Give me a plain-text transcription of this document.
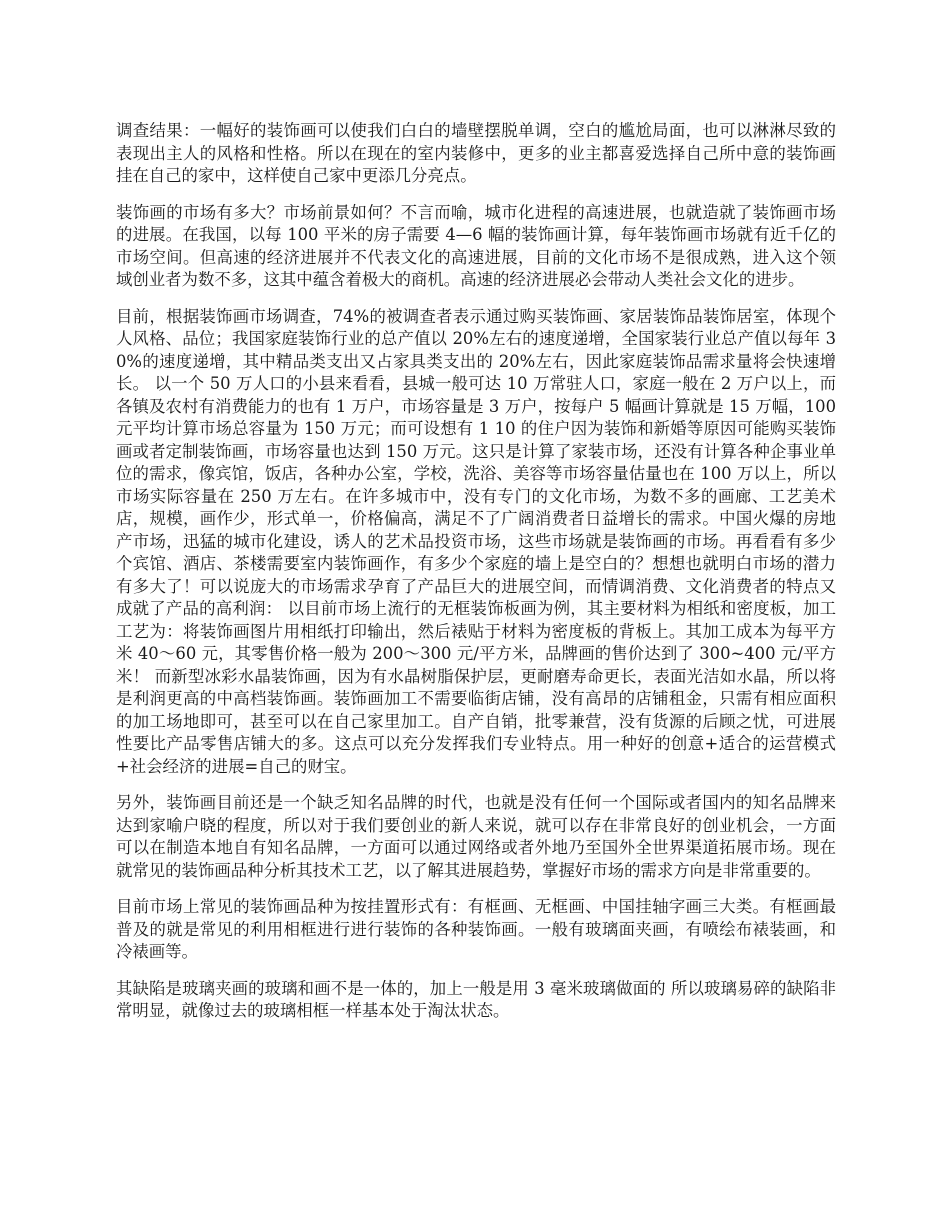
调查结果：一幅好的装饰画可以使我们白白的墙壁摆脱单调，空白的尴尬局面，也可以淋淋尽致的表现出主人的风格和性格。所以在现在的室内装修中，更多的业主都喜爱选择自己所中意的装饰画挂在自己的家中，这样使自己家中更添几分亮点。

装饰画的市场有多大？市场前景如何？不言而喻，城市化进程的高速进展，也就造就了装饰画市场的进展。在我国，以每 100 平米的房子需要 4—6 幅的装饰画计算，每年装饰画市场就有近千亿的市场空间。但高速的经济进展并不代表文化的高速进展，目前的文化市场不是很成熟，进入这个领域创业者为数不多，这其中蕴含着极大的商机。高速的经济进展必会带动人类社会文化的进步。

目前，根据装饰画市场调查，74%的被调查者表示通过购买装饰画、家居装饰品装饰居室，体现个人风格、品位；我国家庭装饰行业的总产值以 20%左右的速度递增，全国家装行业总产值以每年 30%的速度递增，其中精品类支出又占家具类支出的 20%左右，因此家庭装饰品需求量将会快速增长。 以一个 50 万人口的小县来看看，县城一般可达 10 万常驻人口，家庭一般在 2 万户以上，而各镇及农村有消费能力的也有 1 万户，市场容量是 3 万户，按每户 5 幅画计算就是 15 万幅，100 元平均计算市场总容量为 150 万元；而可设想有 1 10 的住户因为装饰和新婚等原因可能购买装饰画或者定制装饰画，市场容量也达到 150 万元。这只是计算了家装市场，还没有计算各种企事业单位的需求，像宾馆，饭店，各种办公室，学校，洗浴、美容等市场容量估量也在 100 万以上，所以市场实际容量在 250 万左右。在许多城市中，没有专门的文化市场，为数不多的画廊、工艺美术店，规模，画作少，形式单一，价格偏高，满足不了广阔消费者日益增长的需求。中国火爆的房地产市场，迅猛的城市化建设，诱人的艺术品投资市场，这些市场就是装饰画的市场。再看看有多少个宾馆、酒店、茶楼需要室内装饰画作，有多少个家庭的墙上是空白的？想想也就明白市场的潜力有多大了！可以说庞大的市场需求孕育了产品巨大的进展空间，而情调消费、文化消费者的特点又成就了产品的高利润： 以目前市场上流行的无框装饰板画为例，其主要材料为相纸和密度板，加工工艺为：将装饰画图片用相纸打印输出，然后裱贴于材料为密度板的背板上。其加工成本为每平方米 40～60 元，其零售价格一般为 200～300 元/平方米，品牌画的售价达到了 300~400 元/平方米！ 而新型冰彩水晶装饰画，因为有水晶树脂保护层，更耐磨寿命更长，表面光洁如水晶，所以将是利润更高的中高档装饰画。装饰画加工不需要临街店铺，没有高昂的店铺租金，只需有相应面积的加工场地即可，甚至可以在自己家里加工。自产自销，批零兼营，没有货源的后顾之忧，可进展性要比产品零售店铺大的多。这点可以充分发挥我们专业特点。用一种好的创意+适合的运营模式+社会经济的进展=自己的财宝。

另外，装饰画目前还是一个缺乏知名品牌的时代，也就是没有任何一个国际或者国内的知名品牌来达到家喻户晓的程度，所以对于我们要创业的新人来说，就可以存在非常良好的创业机会，一方面可以在制造本地自有知名品牌，一方面可以通过网络或者外地乃至国外全世界渠道拓展市场。现在就常见的装饰画品种分析其技术工艺，以了解其进展趋势，掌握好市场的需求方向是非常重要的。

目前市场上常见的装饰画品种为按挂置形式有：有框画、无框画、中国挂轴字画三大类。有框画最普及的就是常见的利用相框进行进行装饰的各种装饰画。一般有玻璃面夹画，有喷绘布裱装画，和冷裱画等。

其缺陷是玻璃夹画的玻璃和画不是一体的，加上一般是用 3 毫米玻璃做面的 所以玻璃易碎的缺陷非常明显，就像过去的玻璃相框一样基本处于淘汰状态。
